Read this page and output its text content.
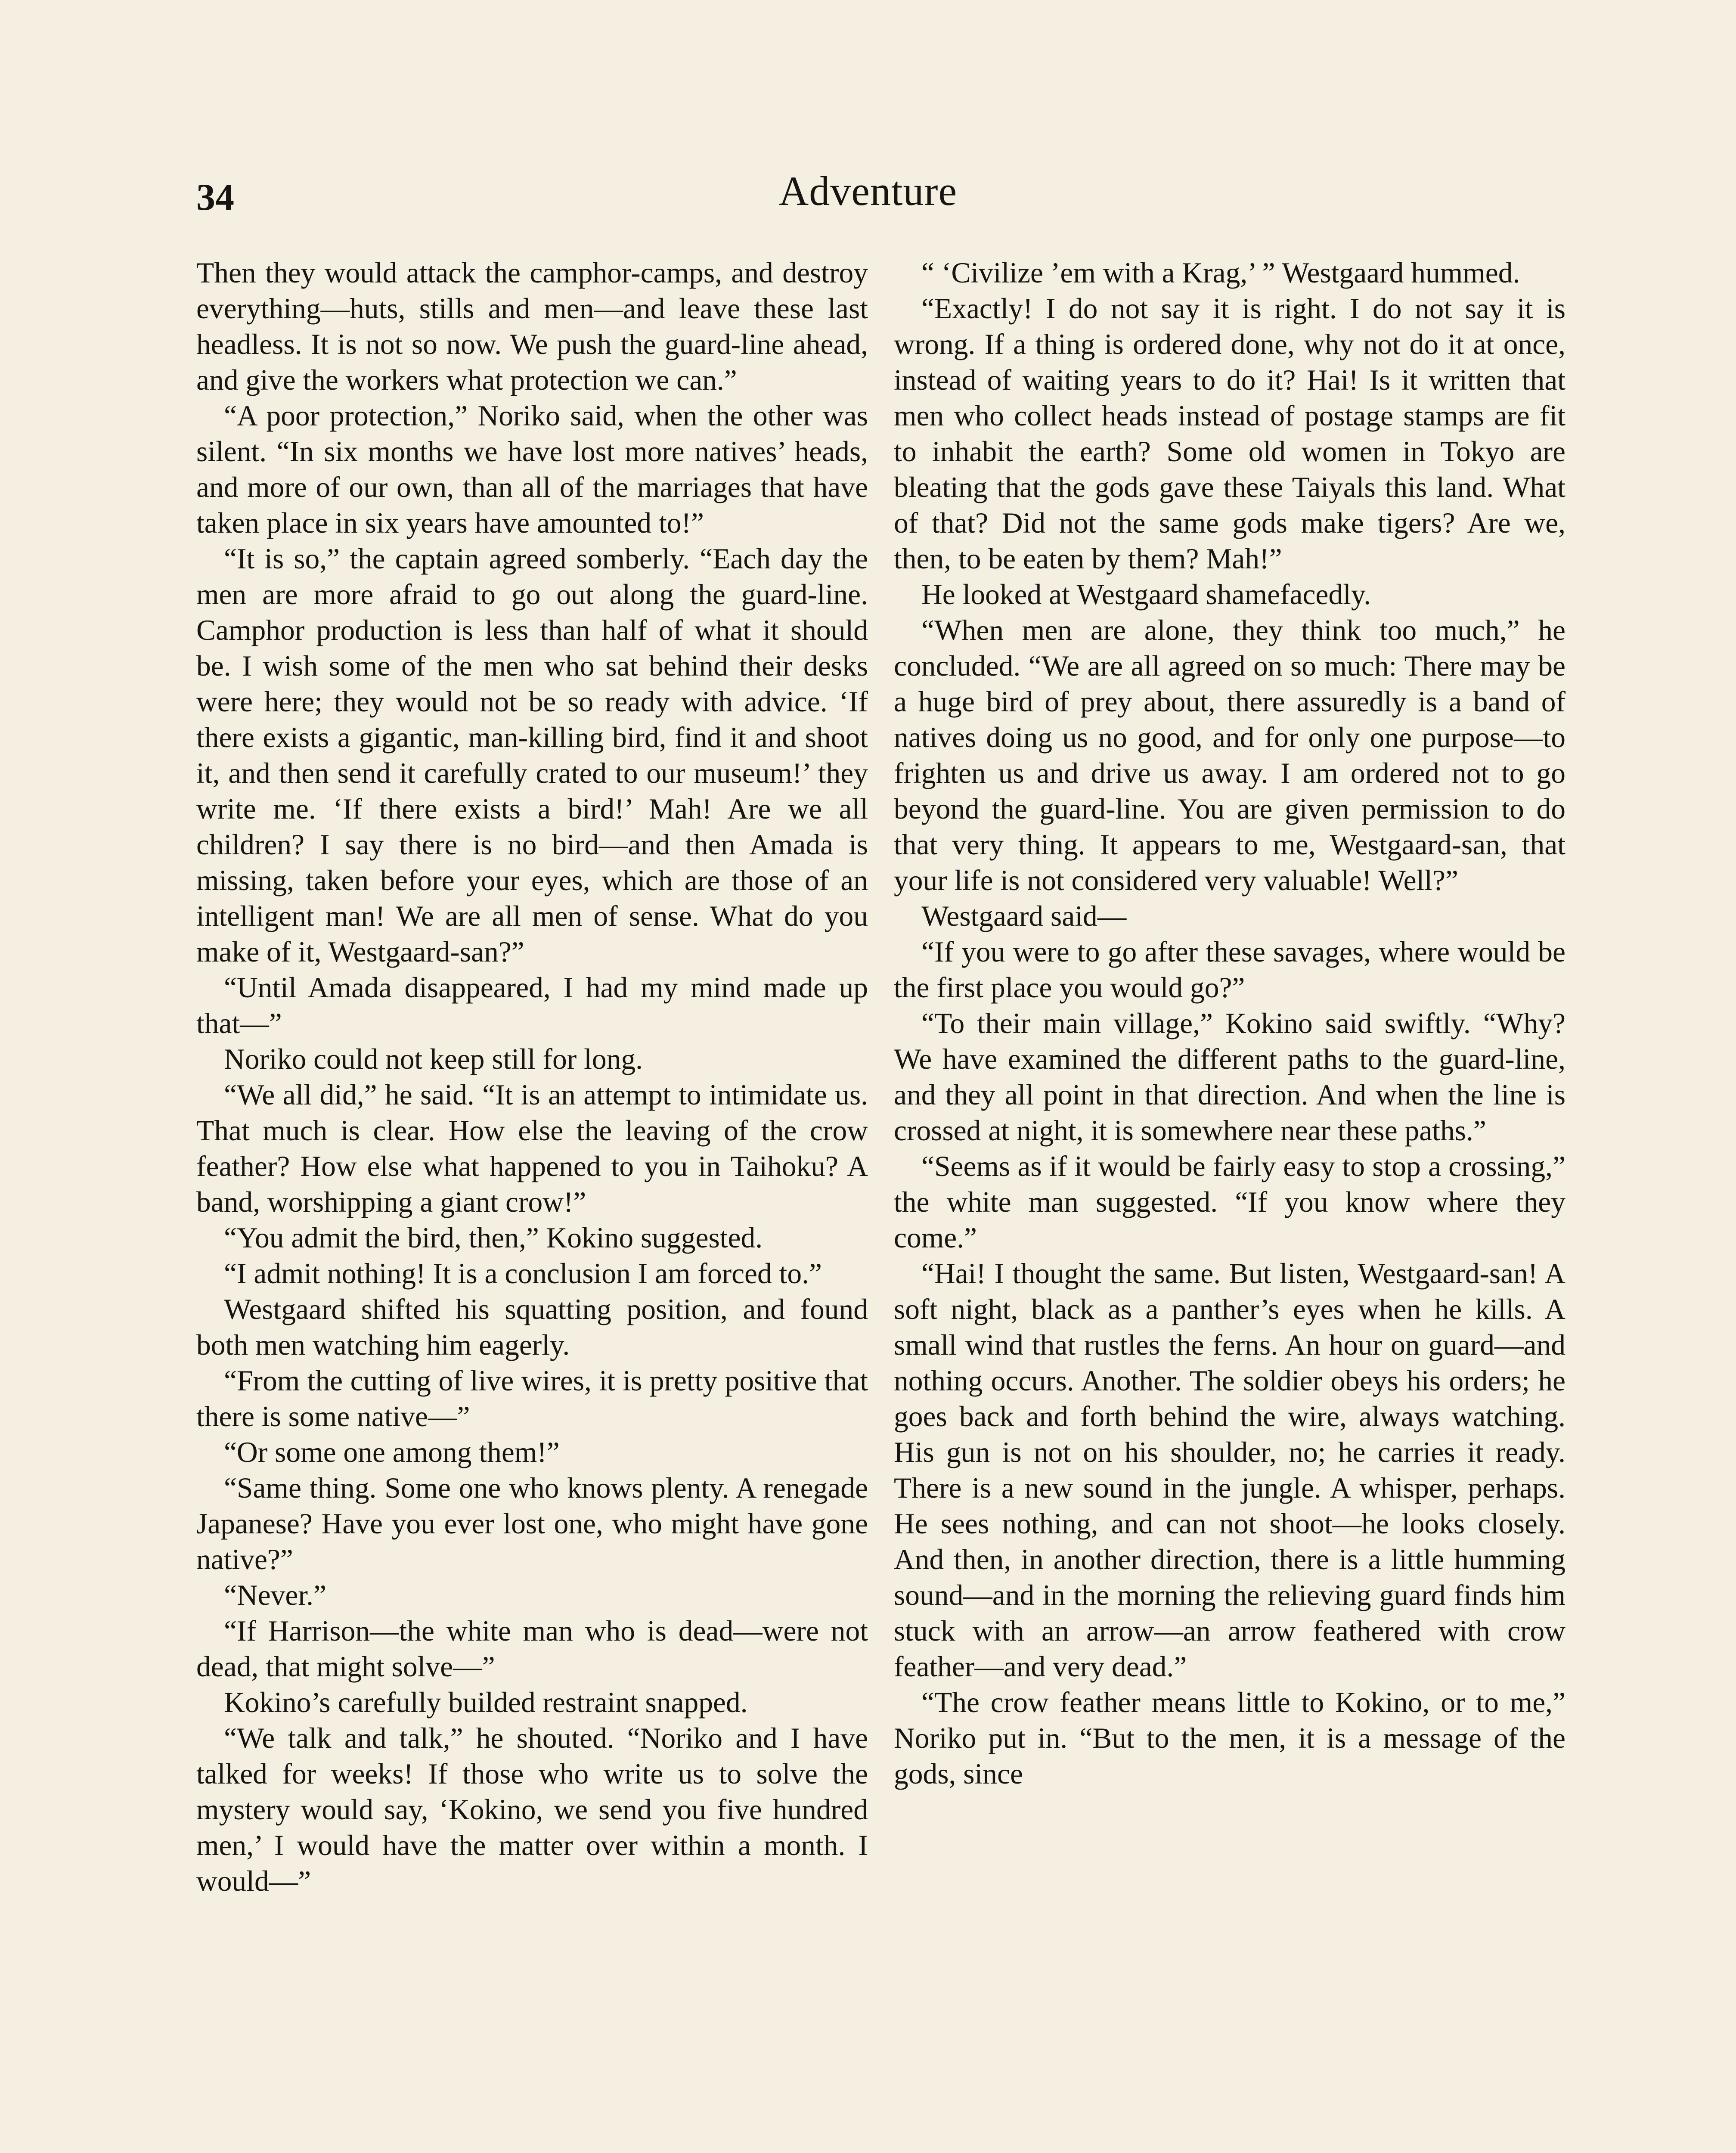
34	Adventure

Then they would attack the camphor-camps, and destroy everything—huts, stills and men—and leave these last headless. It is not so now. We push the guard-line ahead, and give the workers what protection we can.”

“A poor protection,” Noriko said, when the other was silent. “In six months we have lost more natives’ heads, and more of our own, than all of the marriages that have taken place in six years have amounted to!”

“It is so,” the captain agreed somberly. “Each day the men are more afraid to go out along the guard-line. Camphor production is less than half of what it should be. I wish some of the men who sat behind their desks were here; they would not be so ready with advice. ‘If there exists a gigantic, man-killing bird, find it and shoot it, and then send it carefully crated to our museum!’ they write me. ‘If there exists a bird!’ Mah! Are we all children? I say there is no bird—and then Amada is missing, taken before your eyes, which are those of an intelligent man! We are all men of sense. What do you make of it, Westgaard-san?”

“Until Amada disappeared, I had my mind made up that—”

Noriko could not keep still for long.

“We all did,” he said. “It is an attempt to intimidate us. That much is clear. How else the leaving of the crow feather? How else what happened to you in Taihoku? A band, worshipping a giant crow!”

“You admit the bird, then,” Kokino suggested.

“I admit nothing! It is a conclusion I am forced to.”

Westgaard shifted his squatting position, and found both men watching him eagerly.

“From the cutting of live wires, it is pretty positive that there is some native—”

“Or some one among them!”

“Same thing. Some one who knows plenty. A renegade Japanese? Have you ever lost one, who might have gone native?”

“Never.”

“If Harrison—the white man who is dead—were not dead, that might solve—”

Kokino’s carefully builded restraint snapped.

“We talk and talk,” he shouted. “Noriko and I have talked for weeks! If those who write us to solve the mystery would say, ‘Kokino, we send you five hundred men,’ I would have the matter over within a month. I would—”

“ ‘Civilize ’em with a Krag,’ ” Westgaard hummed.

“Exactly! I do not say it is right. I do not say it is wrong. If a thing is ordered done, why not do it at once, instead of waiting years to do it? Hai! Is it written that men who collect heads instead of postage stamps are fit to inhabit the earth? Some old women in Tokyo are bleating that the gods gave these Taiyals this land. What of that? Did not the same gods make tigers? Are we, then, to be eaten by them? Mah!”

He looked at Westgaard shamefacedly.

“When men are alone, they think too much,” he concluded. “We are all agreed on so much: There may be a huge bird of prey about, there assuredly is a band of natives doing us no good, and for only one purpose—to frighten us and drive us away. I am ordered not to go beyond the guard-line. You are given permission to do that very thing. It appears to me, Westgaard-san, that your life is not considered very valuable! Well?”

Westgaard said—

“If you were to go after these savages, where would be the first place you would go?”

“To their main village,” Kokino said swiftly. “Why? We have examined the different paths to the guard-line, and they all point in that direction. And when the line is crossed at night, it is somewhere near these paths.”

“Seems as if it would be fairly easy to stop a crossing,” the white man suggested. “If you know where they come.”

“Hai! I thought the same. But listen, Westgaard-san! A soft night, black as a panther’s eyes when he kills. A small wind that rustles the ferns. An hour on guard—and nothing occurs. Another. The soldier obeys his orders; he goes back and forth behind the wire, always watching. His gun is not on his shoulder, no; he carries it ready. There is a new sound in the jungle. A whisper, perhaps. He sees nothing, and can not shoot—he looks closely. And then, in another direction, there is a little humming sound—and in the morning the relieving guard finds him stuck with an arrow—an arrow feathered with crow feather—and very dead.”

“The crow feather means little to Kokino, or to me,” Noriko put in. “But to the men, it is a message of the gods, since
